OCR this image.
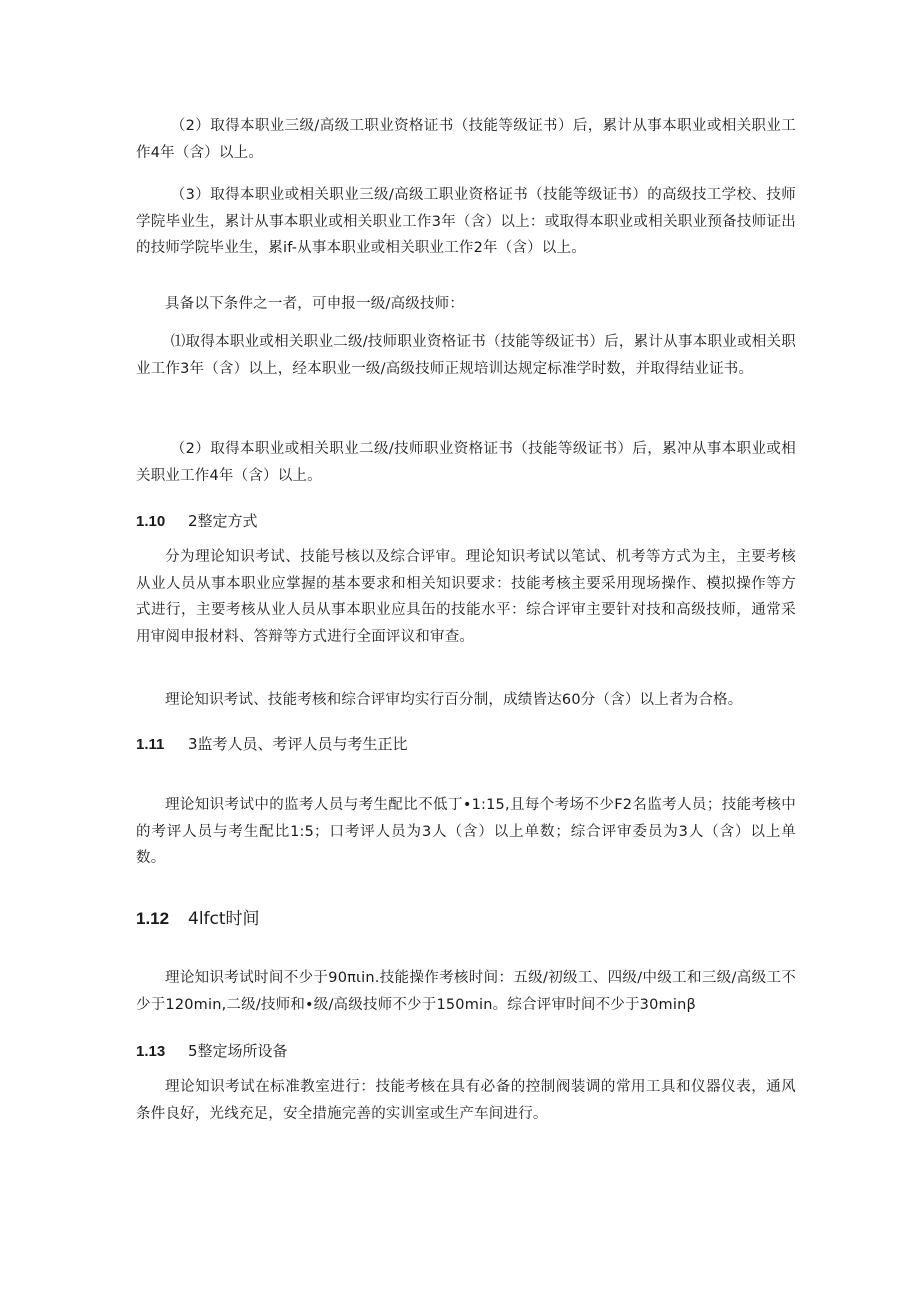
（2）取得本职业三级/高级工职业资格证书（技能等级证书）后，累计从事本职业或相关职业工作4年（含）以上。

（3）取得本职业或相关职业三级/高级工职业资格证书（技能等级证书）的高级技工学校、技师学院毕业生，累计从事本职业或相关职业工作3年（含）以上：或取得本职业或相关职业预备技师证出的技师学院毕业生，累if-从事本职业或相关职业工作2年（含）以上。

具备以下条件之一者，可申报一级/高级技师：

⑴取得本职业或相关职业二级/技师职业资格证书（技能等级证书）后，累计从事本职业或相关职业工作3年（含）以上，经本职业一级/高级技师正规培训达规定标准学时数，并取得结业证书。

（2）取得本职业或相关职业二级/技师职业资格证书（技能等级证书）后，累冲从事本职业或相关职业工作4年（含）以上。

1.10 2整定方式

分为理论知识考试、技能号核以及综合评审。理论知识考试以笔试、机考等方式为主，主要考核从业人员从事本职业应掌握的基本要求和相关知识要求：技能考核主要采用现场操作、模拟操作等方式进行，主要考核从业人员从事本职业应具缶的技能水平：综合评审主要针对技和高级技师，通常采用审阅申报材料、答辩等方式进行全面评议和审查。

理论知识考试、技能考核和综合评审均实行百分制，成绩皆达60分（含）以上者为合格。

1.11 3监考人员、考评人员与考生正比

理论知识考试中的监考人员与考生配比不低丁•1:15,且每个考场不少F2名监考人员；技能考核中的考评人员与考生配比1:5；口考评人员为3人（含）以上单数；综合评审委员为3人（含）以上单数。

1.12 4lfct时间

理论知识考试时间不少于90πιin.技能操作考核时间：五级/初级工、四级/中级工和三级/高级工不少于120min,二级/技师和•级/高级技师不少于150min。综合评审时间不少于30minβ

1.13 5整定场所设备

理论知识考试在标准教室进行：技能考核在具有必备的控制阀装调的常用工具和仪器仪表，通风条件良好，光线充足，安全措施完善的实训室或生产车间进行。
